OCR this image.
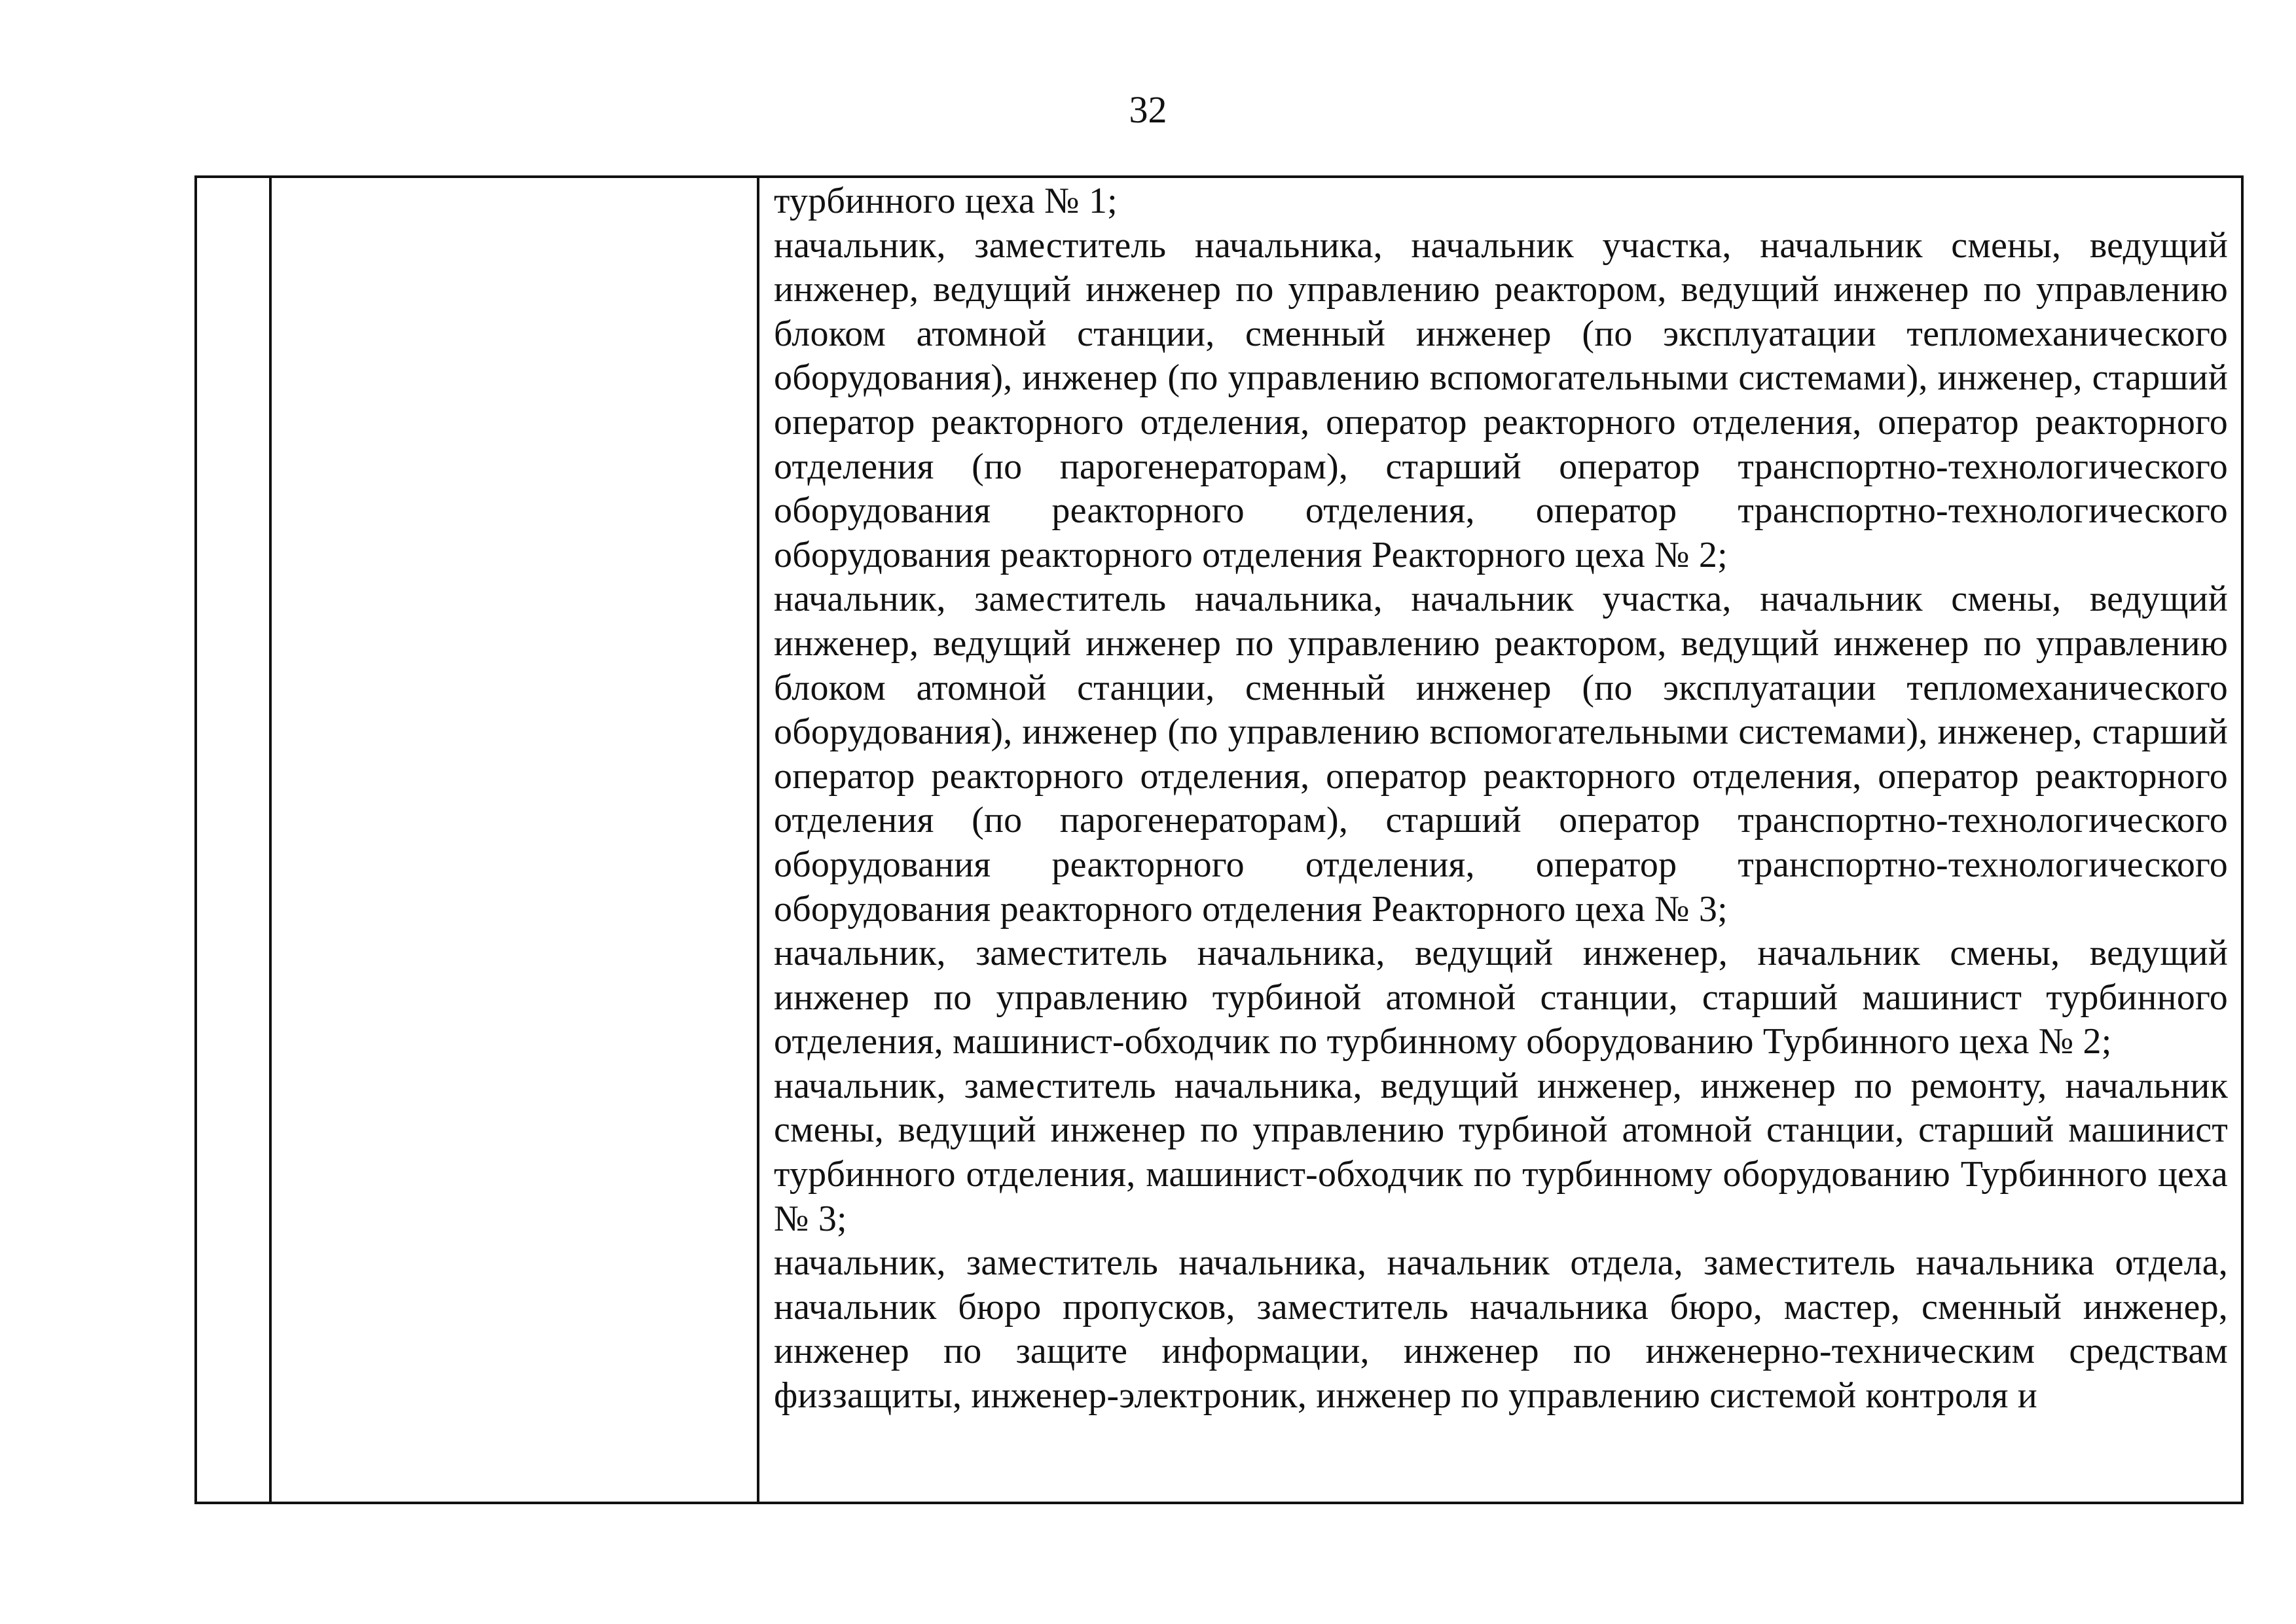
32

турбинного цеха № 1;

начальник, заместитель начальника, начальник участка, начальник смены, ведущий инженер, ведущий инженер по управлению реактором, ведущий инженер по управлению блоком атомной станции, сменный инженер (по эксплуатации тепломеханического оборудования), инженер (по управлению вспомогательными системами), инженер, старший оператор реакторного отделения, оператор реакторного отделения, оператор реакторного отделения (по парогенераторам), старший оператор транспортно-технологического оборудования реакторного отделения, оператор транспортно-технологического оборудования реакторного отделения Реакторного цеха № 2;

начальник, заместитель начальника, начальник участка, начальник смены, ведущий инженер, ведущий инженер по управлению реактором, ведущий инженер по управлению блоком атомной станции, сменный инженер (по эксплуатации тепломеханического оборудования), инженер (по управлению вспомогательными системами), инженер, старший оператор реакторного отделения, оператор реакторного отделения, оператор реакторного отделения (по парогенераторам), старший оператор транспортно-технологического оборудования реакторного отделения, оператор транспортно-технологического оборудования реакторного отделения Реакторного цеха № 3;

начальник, заместитель начальника, ведущий инженер, начальник смены, ведущий инженер по управлению турбиной атомной станции, старший машинист турбинного отделения, машинист-обходчик по турбинному оборудованию Турбинного цеха № 2;

начальник, заместитель начальника, ведущий инженер, инженер по ремонту, начальник смены, ведущий инженер по управлению турбиной атомной станции, старший машинист турбинного отделения, машинист-обходчик по турбинному оборудованию Турбинного цеха № 3;

начальник, заместитель начальника, начальник отдела, заместитель начальника отдела, начальник бюро пропусков, заместитель начальника бюро, мастер, сменный инженер, инженер по защите информации, инженер по инженерно-техническим средствам физзащиты, инженер-электроник, инженер по управлению системой контроля и
